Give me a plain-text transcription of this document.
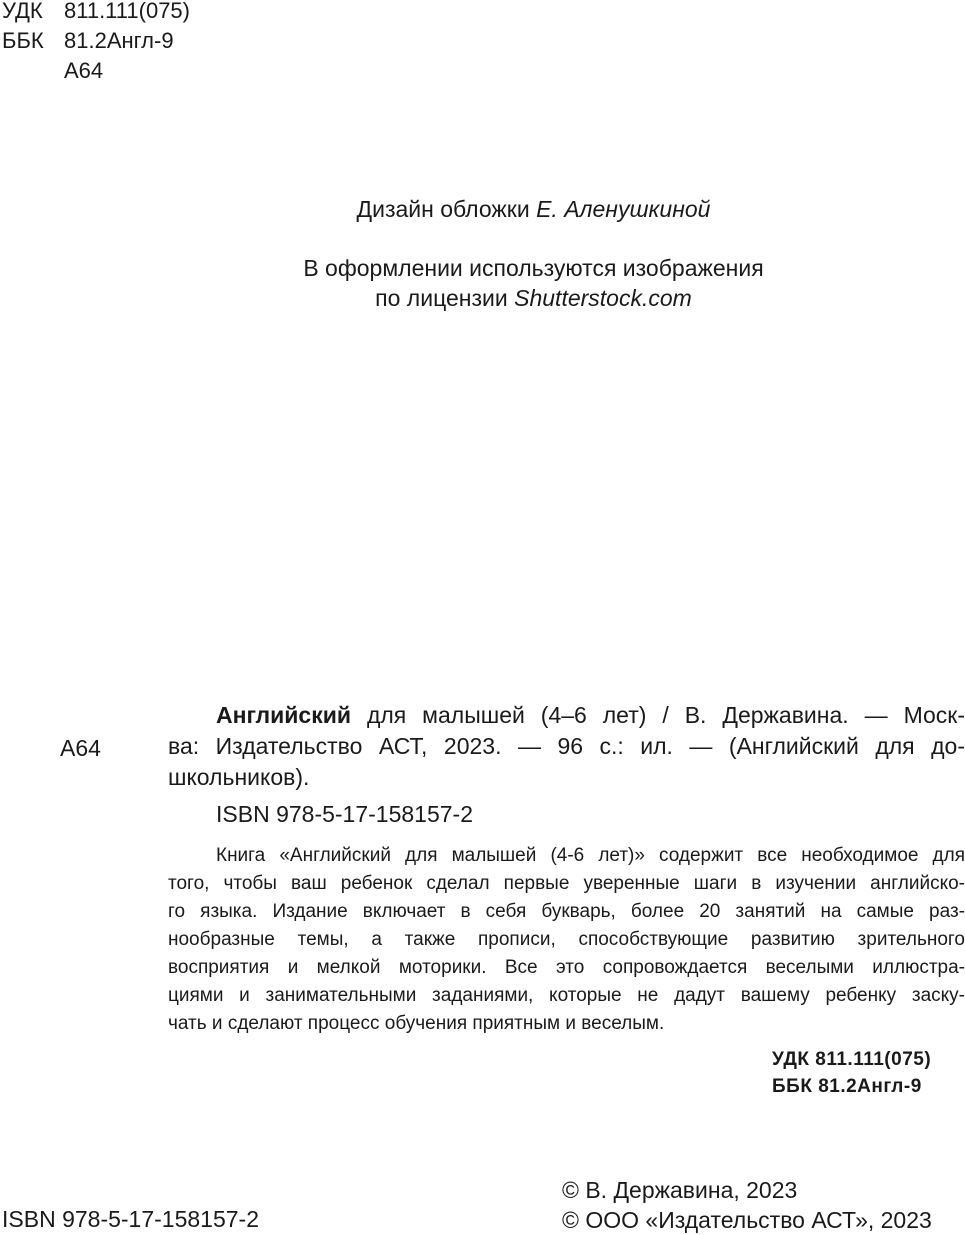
УДК 811.111(075)
ББК 81.2Англ-9
А64
Дизайн обложки Е. Аленушкиной
В оформлении используются изображения
по лицензии Shutterstock.com
А64
Английский для малышей (4–6 лет) / В. Державина. — Моск-
ва: Издательство АСТ, 2023. — 96 с.: ил. — (Английский для до-
школьников).
ISBN 978-5-17-158157-2
Книга «Английский для малышей (4-6 лет)» содержит все необходимое для
того, чтобы ваш ребенок сделал первые уверенные шаги в изучении английско-
го языка. Издание включает в себя букварь, более 20 занятий на самые раз-
нообразные темы, а также прописи, способствующие развитию зрительного
восприятия и мелкой моторики. Все это сопровождается веселыми иллюстра-
циями и занимательными заданиями, которые не дадут вашему ребенку заску-
чать и сделают процесс обучения приятным и веселым.
УДК 811.111(075)
ББК 81.2Англ-9
ISBN 978-5-17-158157-2
© В. Державина, 2023
© ООО «Издательство АСТ», 2023
